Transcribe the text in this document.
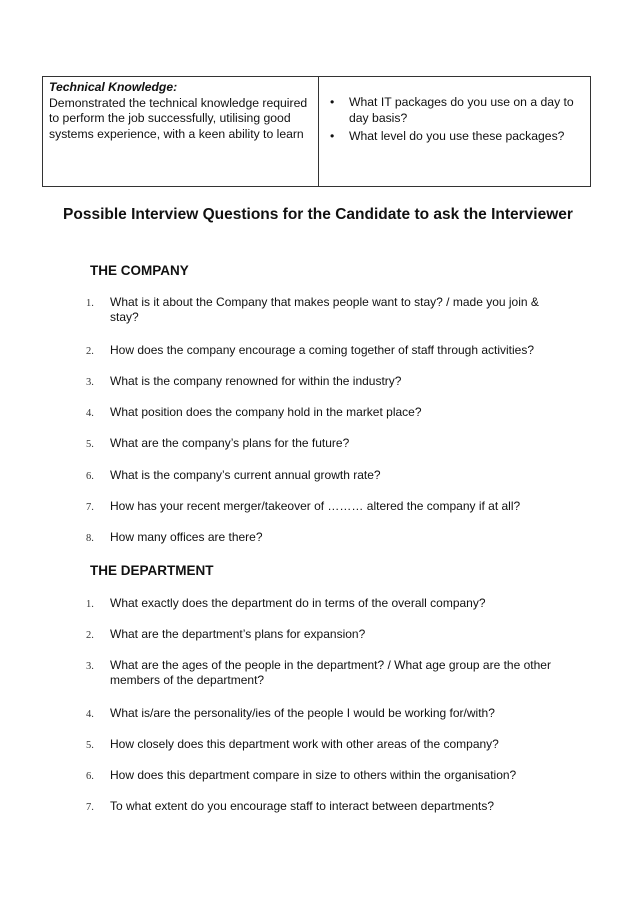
Technical Knowledge:
Demonstrated the technical knowledge required to perform the job successfully, utilising good systems experience, with a keen ability to learn
• What IT packages do you use on a day to day basis?
• What level do you use these packages?
Possible Interview Questions for the Candidate to ask the Interviewer
THE COMPANY
1. What is it about the Company that makes people want to stay? / made you join & stay?
2. How does the company encourage a coming together of staff through activities?
3. What is the company renowned for within the industry?
4. What position does the company hold in the market place?
5. What are the company’s plans for the future?
6. What is the company’s current annual growth rate?
7. How has your recent merger/takeover of ……… altered the company if at all?
8. How many offices are there?
THE DEPARTMENT
1. What exactly does the department do in terms of the overall company?
2. What are the department’s plans for expansion?
3. What are the ages of the people in the department? / What age group are the other members of the department?
4. What is/are the personality/ies of the people I would be working for/with?
5. How closely does this department work with other areas of the company?
6. How does this department compare in size to others within the organisation?
7. To what extent do you encourage staff to interact between departments?
